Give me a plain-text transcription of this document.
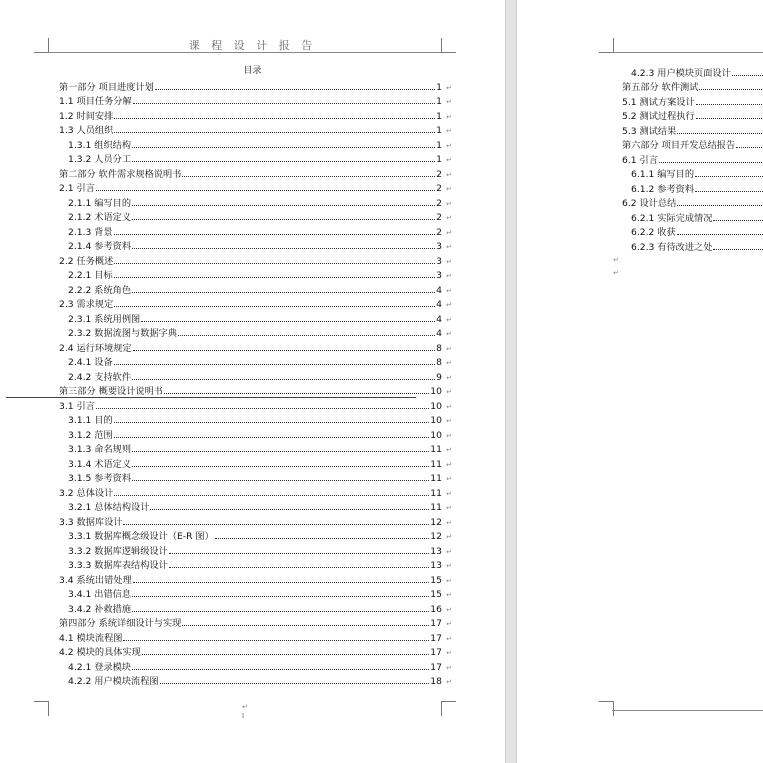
课 程 设 计 报 告
目录
第一部分 项目进度计划	1 ↵
1.1 项目任务分解	1 ↵
1.2 时间安排	1 ↵
1.3 人员组织	1 ↵
1.3.1 组织结构	1 ↵
1.3.2 人员分工	1 ↵
第二部分 软件需求规格说明书	2 ↵
2.1 引言	2 ↵
2.1.1 编写目的	2 ↵
2.1.2 术语定义	2 ↵
2.1.3 背景	2 ↵
2.1.4 参考资料	3 ↵
2.2 任务概述	3 ↵
2.2.1 目标	3 ↵
2.2.2 系统角色	4 ↵
2.3 需求规定	4 ↵
2.3.1 系统用例图	4 ↵
2.3.2 数据流图与数据字典	4 ↵
2.4 运行环境规定	8 ↵
2.4.1 设备	8 ↵
2.4.2 支持软件	9 ↵
第三部分 概要设计说明书	10 ↵
3.1 引言	10 ↵
3.1.1 目的	10 ↵
3.1.2 范围	10 ↵
3.1.3 命名规则	11 ↵
3.1.4 术语定义	11 ↵
3.1.5 参考资料	11 ↵
3.2 总体设计	11 ↵
3.2.1 总体结构设计	11 ↵
3.3 数据库设计	12 ↵
3.3.1 数据库概念级设计（E-R 图）	12 ↵
3.3.2 数据库逻辑级设计	13 ↵
3.3.3 数据库表结构设计	13 ↵
3.4 系统出错处理	15 ↵
3.4.1 出错信息	15 ↵
3.4.2 补救措施	16 ↵
第四部分 系统详细设计与实现	17 ↵
4.1 模块流程图	17 ↵
4.2 模块的具体实现	17 ↵
4.2.1 登录模块	17 ↵
4.2.2 用户模块流程图	18 ↵
↵
I
4.2.3 用户模块页面设计
第五部分 软件测试
5.1 测试方案设计
5.2 测试过程执行
5.3 测试结果
第六部分 项目开发总结报告
6.1 引言
6.1.1 编写目的
6.1.2 参考资料
6.2 设计总结
6.2.1 实际完成情况
6.2.2 收获
6.2.3 有待改进之处
↵
↵
